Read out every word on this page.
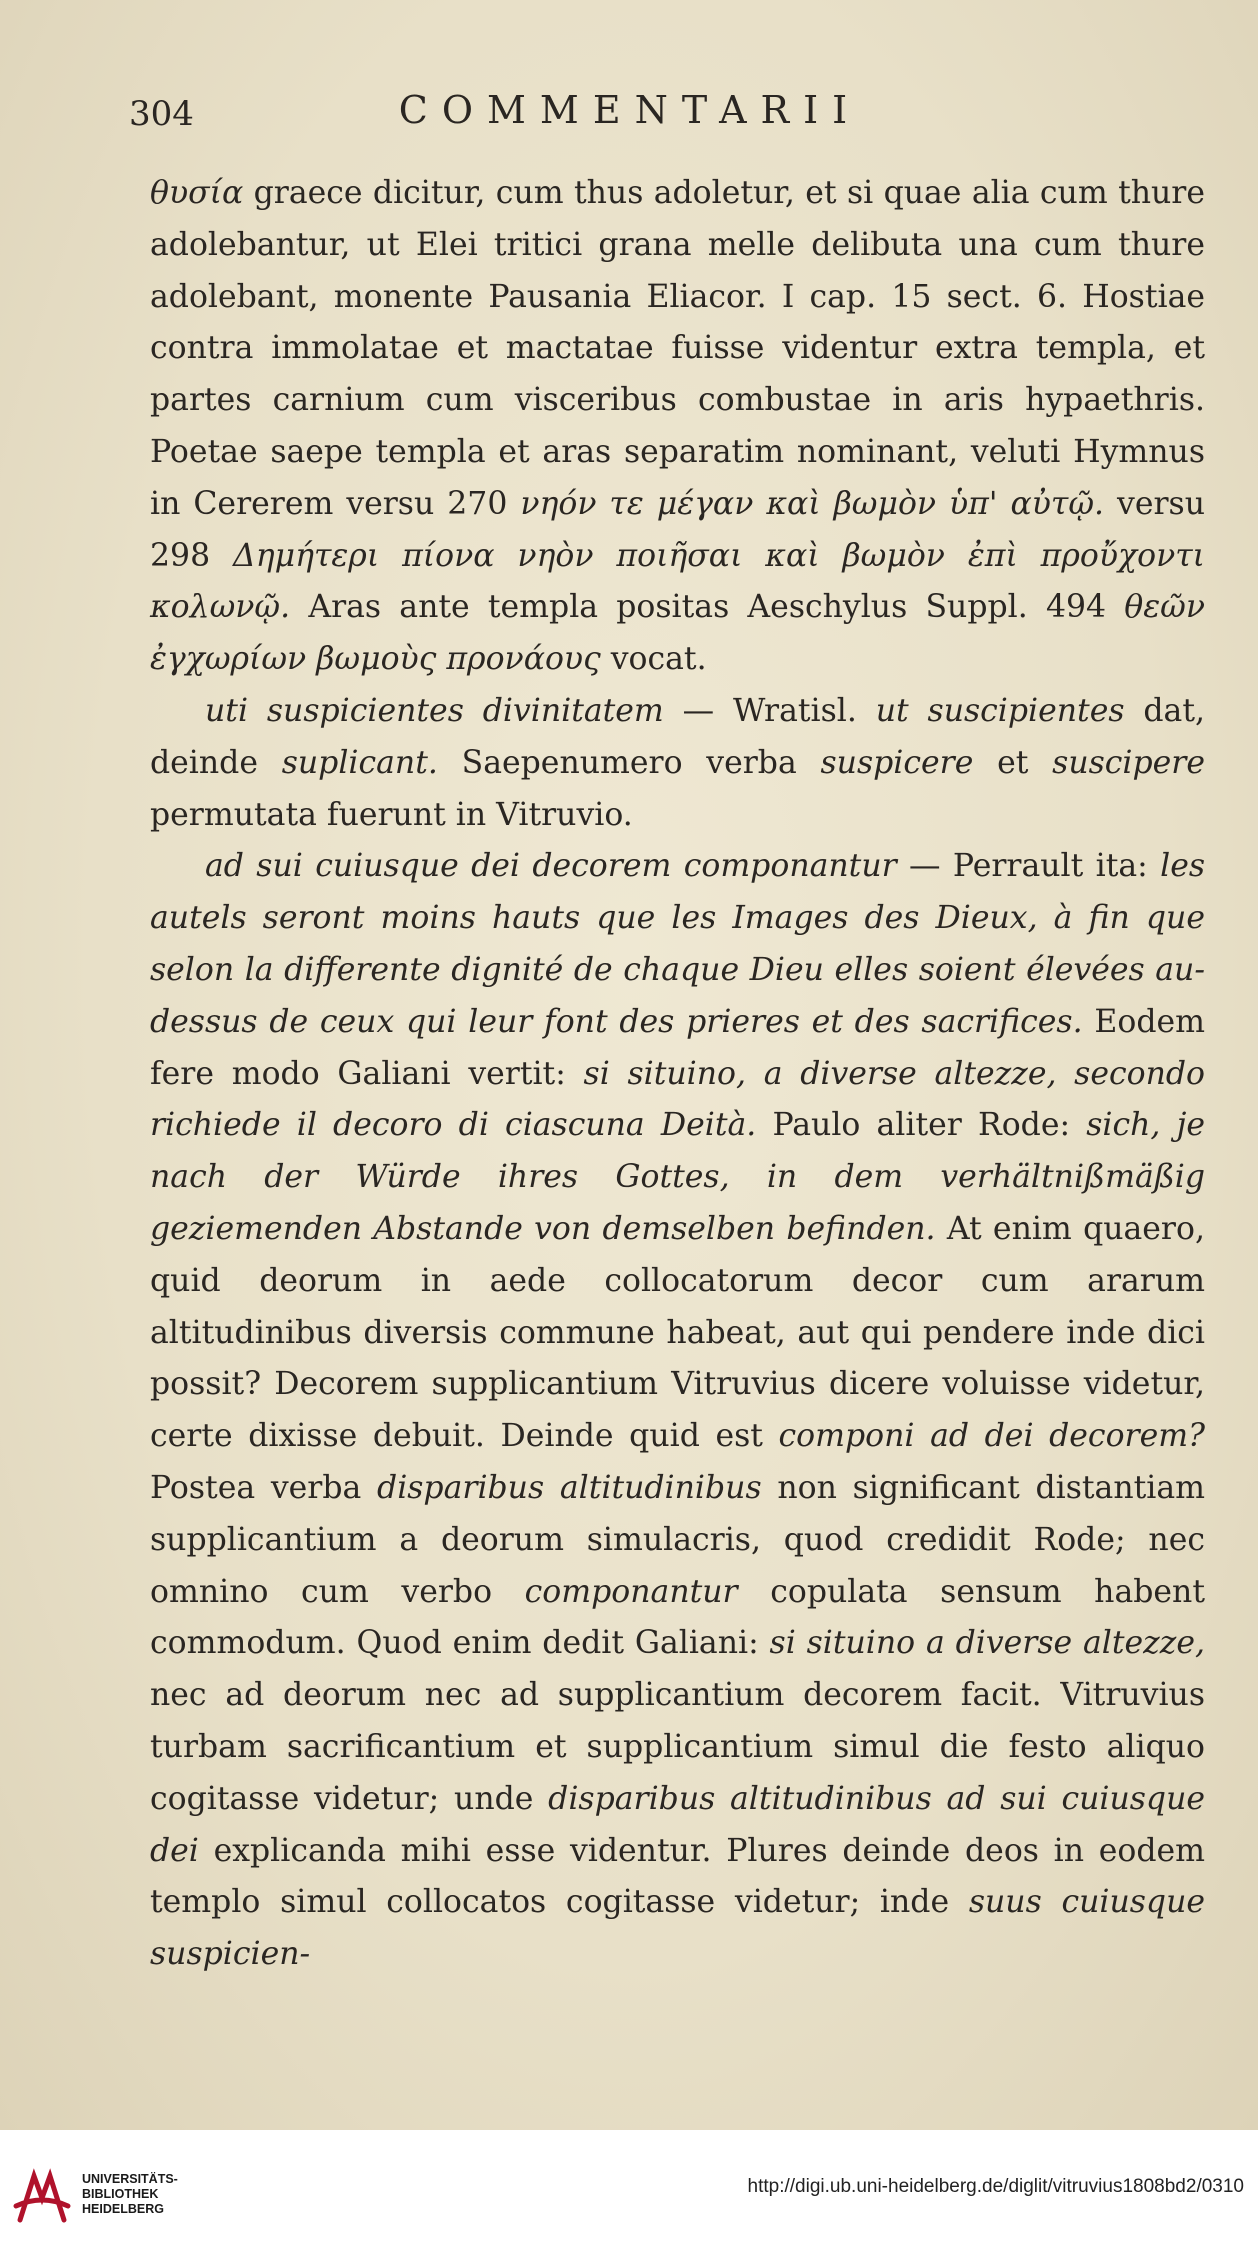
304	COMMENTARII

θυσία graece dicitur, cum thus adoletur, et si quae alia cum thure adolebantur, ut Elei tritici grana melle delibuta una cum thure adolebant, monente Pausania Eliacor. I cap. 15 sect. 6. Hostiae contra immolatae et mactatae fuisse videntur extra templa, et partes carnium cum visceribus combustae in aris hypaethris. Poetae saepe templa et aras separatim nominant, veluti Hymnus in Cererem versu 270 νηόν τε μέγαν καὶ βωμὸν ὑπ' αὐτῷ. versu 298 Δημήτερι πίονα νηὸν ποιῆσαι καὶ βωμὸν ἐπὶ προὔχοντι κολωνῷ. Aras ante templa positas Aeschylus Suppl. 494 θεῶν ἐγχωρίων βωμοὺς προνάους vocat.

uti suspicientes divinitatem — Wratisl. ut suscipientes dat, deinde suplicant. Saepenumero verba suspicere et suscipere permutata fuerunt in Vitruvio.

ad sui cuiusque dei decorem componantur — Perrault ita: les autels seront moins hauts que les Images des Dieux, à fin que selon la differente dignité de chaque Dieu elles soient élevées au-dessus de ceux qui leur font des prieres et des sacrifices. Eodem fere modo Galiani vertit: si situino, a diverse altezze, secondo richiede il decoro di ciascuna Deità. Paulo aliter Rode: sich, je nach der Würde ihres Gottes, in dem verhältnißmäßig geziemenden Abstande von demselben befinden. At enim quaero, quid deorum in aede collocatorum decor cum ararum altitudinibus diversis commune habeat, aut qui pendere inde dici possit? Decorem supplicantium Vitruvius dicere voluisse videtur, certe dixisse debuit. Deinde quid est componi ad dei decorem? Postea verba disparibus altitudinibus non significant distantiam supplicantium a deorum simulacris, quod credidit Rode; nec omnino cum verbo componantur copulata sensum habent commodum. Quod enim dedit Galiani: si situino a diverse altezze, nec ad deorum nec ad supplicantium decorem facit. Vitruvius turbam sacrificantium et supplicantium simul die festo aliquo cogitasse videtur; unde disparibus altitudinibus ad sui cuiusque dei explicanda mihi esse videntur. Plures deinde deos in eodem templo simul collocatos cogitasse videtur; inde suus cuiusque suspicien-

UNIVERSITÄTS-
BIBLIOTHEK
HEIDELBERG
http://digi.ub.uni-heidelberg.de/diglit/vitruvius1808bd2/0310
